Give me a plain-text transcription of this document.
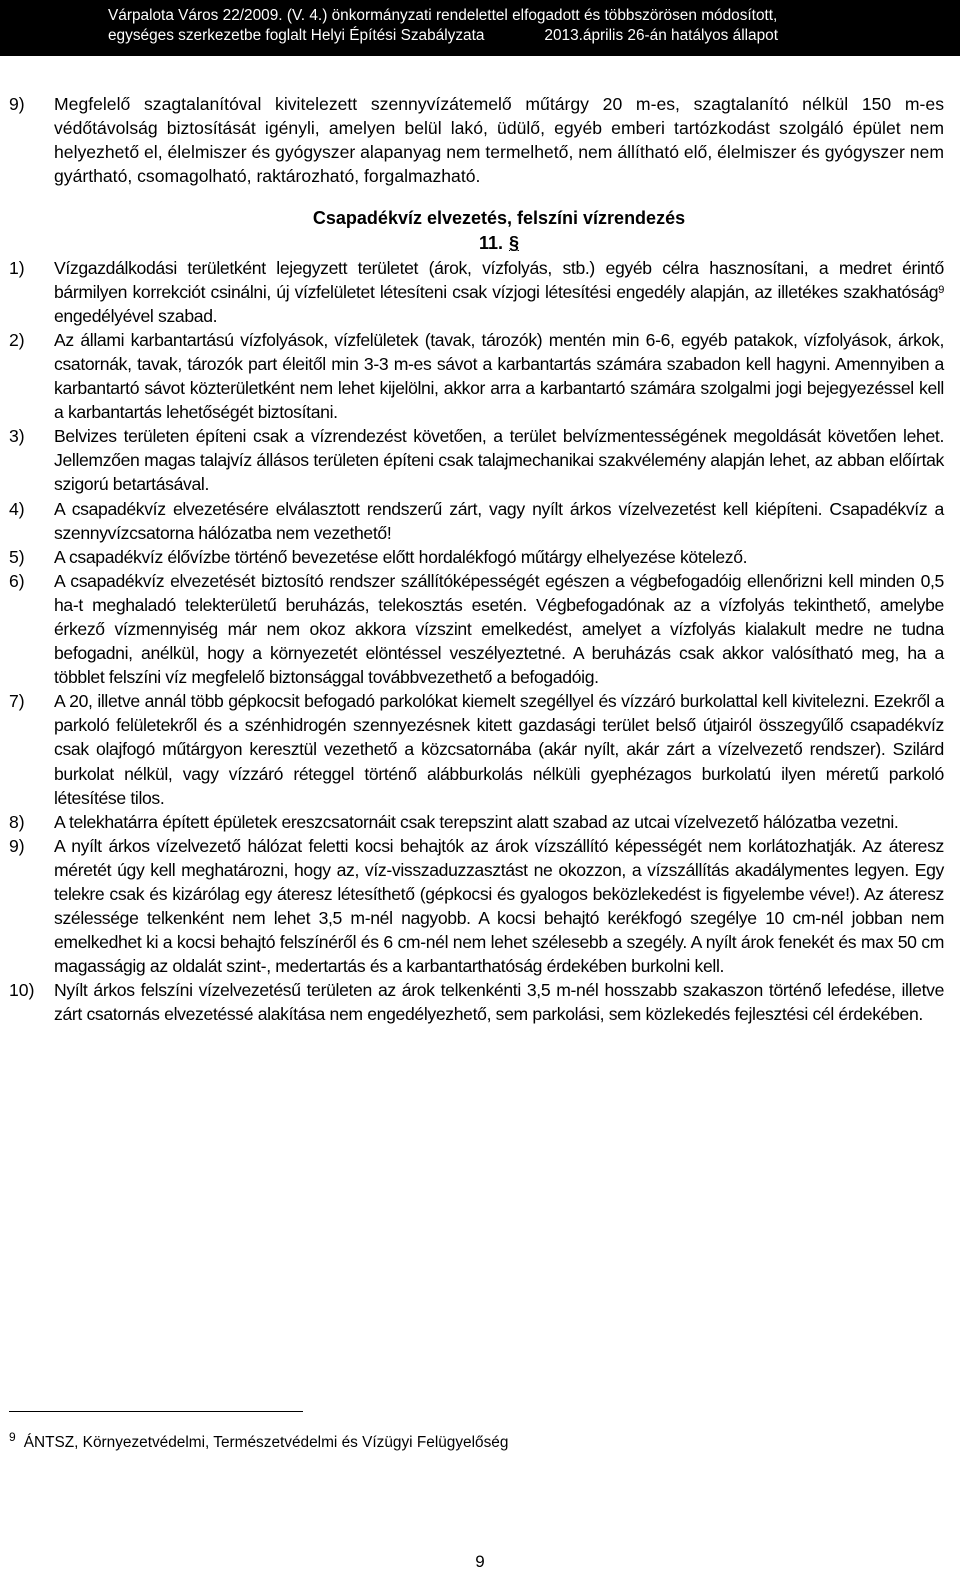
Várpalota Város 22/2009. (V. 4.) önkormányzati rendelettel elfogadott és többszörösen módosított,
egységes szerkezetbe foglalt Helyi Építési Szabályzata	2013.április 26-án hatályos állapot

9) Megfelelő szagtalanítóval kivitelezett szennyvízátemelő műtárgy 20 m-es, szagtalanító nélkül 150 m-es védőtávolság biztosítását igényli, amelyen belül lakó, üdülő, egyéb emberi tartózkodást szolgáló épület nem helyezhető el, élelmiszer és gyógyszer alapanyag nem termelhető, nem állítható elő, élelmiszer és gyógyszer nem gyártható, csomagolható, raktározható, forgalmazható.

Csapadékvíz elvezetés, felszíni vízrendezés
11. §

1) Vízgazdálkodási területként lejegyzett területet (árok, vízfolyás, stb.) egyéb célra hasznosítani, a medret érintő bármilyen korrekciót csinálni, új vízfelületet létesíteni csak vízjogi létesítési engedély alapján, az illetékes szakhatóság$^9$ engedélyével szabad.

2) Az állami karbantartású vízfolyások, vízfelületek (tavak, tározók) mentén min 6-6, egyéb patakok, vízfolyások, árkok, csatornák, tavak, tározók part éleitől min 3-3 m-es sávot a karbantartás számára szabadon kell hagyni. Amennyiben a karbantartó sávot közterületként nem lehet kijelölni, akkor arra a karbantartó számára szolgalmi jogi bejegyezéssel kell a karbantartás lehetőségét biztosítani.

3) Belvizes területen építeni csak a vízrendezést követően, a terület belvízmentességének megoldását követően lehet. Jellemzően magas talajvíz állásos területen építeni csak talajmechanikai szakvélemény alapján lehet, az abban előírtak szigorú betartásával.

4) A csapadékvíz elvezetésére elválasztott rendszerű zárt, vagy nyílt árkos vízelvezetést kell kiépíteni. Csapadékvíz a szennyvízcsatorna hálózatba nem vezethető!

5) A csapadékvíz élővízbe történő bevezetése előtt hordalékfogó műtárgy elhelyezése kötelező.

6) A csapadékvíz elvezetését biztosító rendszer szállítóképességét egészen a végbefogadóig ellenőrizni kell minden 0,5 ha-t meghaladó telekterületű beruházás, telekosztás esetén. Végbefogadónak az a vízfolyás tekinthető, amelybe érkező vízmennyiség már nem okoz akkora vízszint emelkedést, amelyet a vízfolyás kialakult medre ne tudna befogadni, anélkül, hogy a környezetét elöntéssel veszélyeztetné. A beruházás csak akkor valósítható meg, ha a többlet felszíni víz megfelelő biztonsággal továbbvezethető a befogadóig.

7) A 20, illetve annál több gépkocsit befogadó parkolókat kiemelt szegéllyel és vízzáró burkolattal kell kivitelezni. Ezekről a parkoló felületekről és a szénhidrogén szennyezésnek kitett gazdasági terület belső útjairól összegyűlő csapadékvíz csak olajfogó műtárgyon keresztül vezethető a közcsatornába (akár nyílt, akár zárt a vízelvezető rendszer). Szilárd burkolat nélkül, vagy vízzáró réteggel történő alábburkolás nélküli gyephézagos burkolatú ilyen méretű parkoló létesítése tilos.

8) A telekhatárra épített épületek ereszcsatornáit csak terepszint alatt szabad az utcai vízelvezető hálózatba vezetni.

9) A nyílt árkos vízelvezető hálózat feletti kocsi behajtók az árok vízszállító képességét nem korlátozhatják. Az áteresz méretét úgy kell meghatározni, hogy az, víz-visszaduzzasztást ne okozzon, a vízszállítás akadálymentes legyen. Egy telekre csak és kizárólag egy áteresz létesíthető (gépkocsi és gyalogos beközlekedést is figyelembe véve!). Az áteresz szélessége telkenként nem lehet 3,5 m-nél nagyobb. A kocsi behajtó kerékfogó szegélye 10 cm-nél jobban nem emelkedhet ki a kocsi behajtó felszínéről és 6 cm-nél nem lehet szélesebb a szegély. A nyílt árok fenekét és max 50 cm magasságig az oldalát szint-, medertartás és a karbantarthatóság érdekében burkolni kell.

10) Nyílt árkos felszíni vízelvezetésű területen az árok telkenkénti 3,5 m-nél hosszabb szakaszon történő lefedése, illetve zárt csatornás elvezetéssé alakítása nem engedélyezhető, sem parkolási, sem közlekedés fejlesztési cél érdekében.

$^9$ ÁNTSZ, Környezetvédelmi, Természetvédelmi és Vízügyi Felügyelőség
9
